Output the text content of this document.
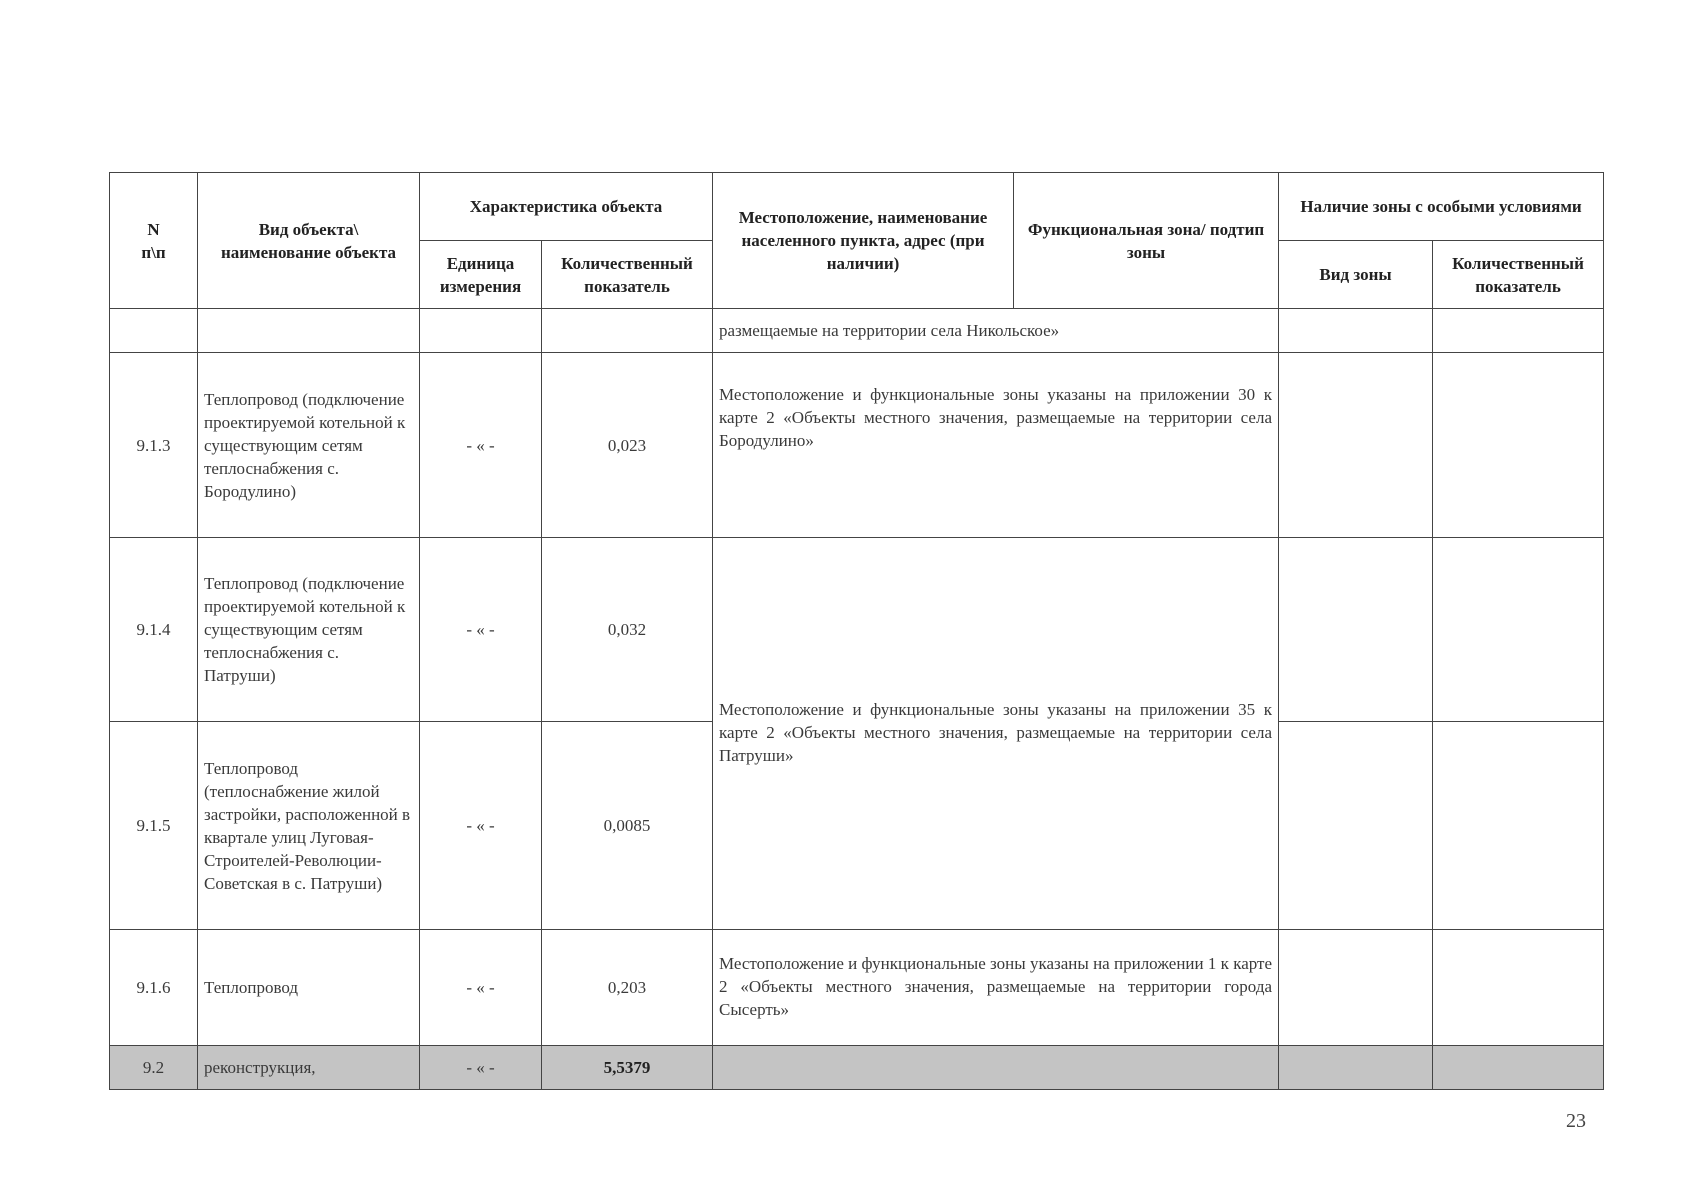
N
п\п	Вид объекта\ наименование объекта	Характеристика объекта		Местоположение, наименование населенного пункта, адрес (при наличии)	Функциональная зона/ подтип зоны	Наличие зоны с особыми условиями	
		Единица измерения	Количественный показатель			Вид зоны	Количественный показатель
				размещаемые на территории села Никольское»			
9.1.3	Теплопровод (подключение проектируемой котельной к существующим сетям теплоснабжения с. Бородулино)	- « -	0,023	Местоположение и функциональные зоны указаны на приложении 30 к карте 2 «Объекты местного значения, размещаемые на территории села Бородулино»			
9.1.4	Теплопровод (подключение проектируемой котельной к существующим сетям теплоснабжения с. Патруши)	- « -	0,032	Местоположение и функциональные зоны указаны на приложении 35 к карте 2 «Объекты местного значения, размещаемые на территории села Патруши»			
9.1.5	Теплопровод (теплоснабжение жилой застройки, расположенной в квартале улиц Луговая-Строителей-Революции-Советская в с. Патруши)	- « -	0,0085				
9.1.6	Теплопровод	- « -	0,203	Местоположение и функциональные зоны указаны на приложении 1 к карте 2 «Объекты местного значения, размещаемые на территории города Сысерть»			
9.2	реконструкция,	- « -	5,5379				
23
